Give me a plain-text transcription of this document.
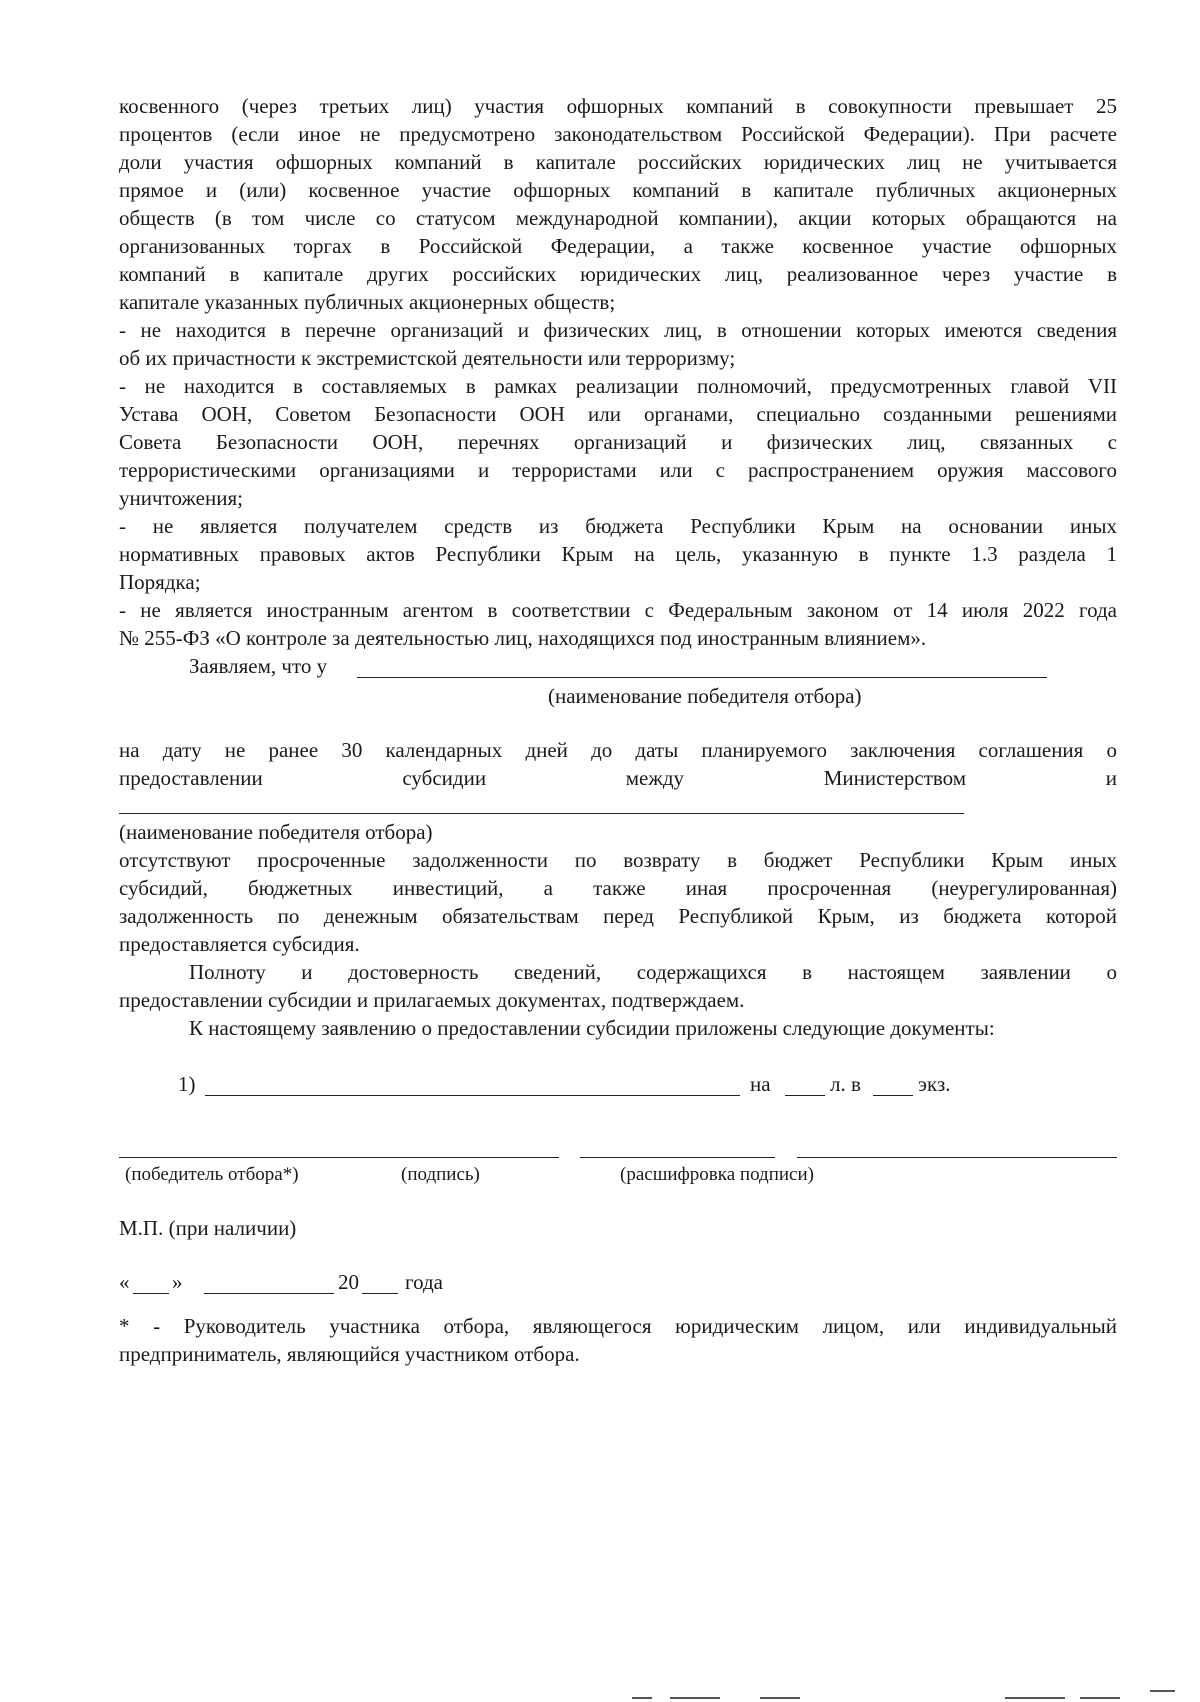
косвенного (через третьих лиц) участия офшорных компаний в совокупности превышает 25
процентов (если иное не предусмотрено законодательством Российской Федерации). При расчете
доли участия офшорных компаний в капитале российских юридических лиц не учитывается
прямое и (или) косвенное участие офшорных компаний в капитале публичных акционерных
обществ (в том числе со статусом международной компании), акции которых обращаются на
организованных торгах в Российской Федерации, а также косвенное участие офшорных
компаний в капитале других российских юридических лиц, реализованное через участие в
капитале указанных публичных акционерных обществ;
- не находится в перечне организаций и физических лиц, в отношении которых имеются сведения
об их причастности к экстремистской деятельности или терроризму;
- не находится в составляемых в рамках реализации полномочий, предусмотренных главой VII
Устава ООН, Советом Безопасности ООН или органами, специально созданными решениями
Совета Безопасности ООН, перечнях организаций и физических лиц, связанных с
террористическими организациями и террористами или с распространением оружия массового
уничтожения;
- не является получателем средств из бюджета Республики Крым на основании иных
нормативных правовых актов Республики Крым на цель, указанную в пункте 1.3 раздела 1
Порядка;
- не является иностранным агентом в соответствии с Федеральным законом от 14 июля 2022 года
№ 255-ФЗ «О контроле за деятельностью лиц, находящихся под иностранным влиянием».
Заявляем, что у
(наименование победителя отбора)
на дату не ранее 30 календарных дней до даты планируемого заключения соглашения о
предоставлении субсидии между Министерством и
(наименование победителя отбора)
отсутствуют просроченные задолженности по возврату в бюджет Республики Крым иных
субсидий, бюджетных инвестиций, а также иная просроченная (неурегулированная)
задолженность по денежным обязательствам перед Республикой Крым, из бюджета которой
предоставляется субсидия.
Полноту и достоверность сведений, содержащихся в настоящем заявлении о
предоставлении субсидии и прилагаемых документах, подтверждаем.
К настоящему заявлению о предоставлении субсидии приложены следующие документы:
1)	на	л. в	экз.
(победитель отбора*)	(подпись)	(расшифровка подписи)
М.П. (при наличии)
« »	20 года
* - Руководитель участника отбора, являющегося юридическим лицом, или индивидуальный
предприниматель, являющийся участником отбора.
